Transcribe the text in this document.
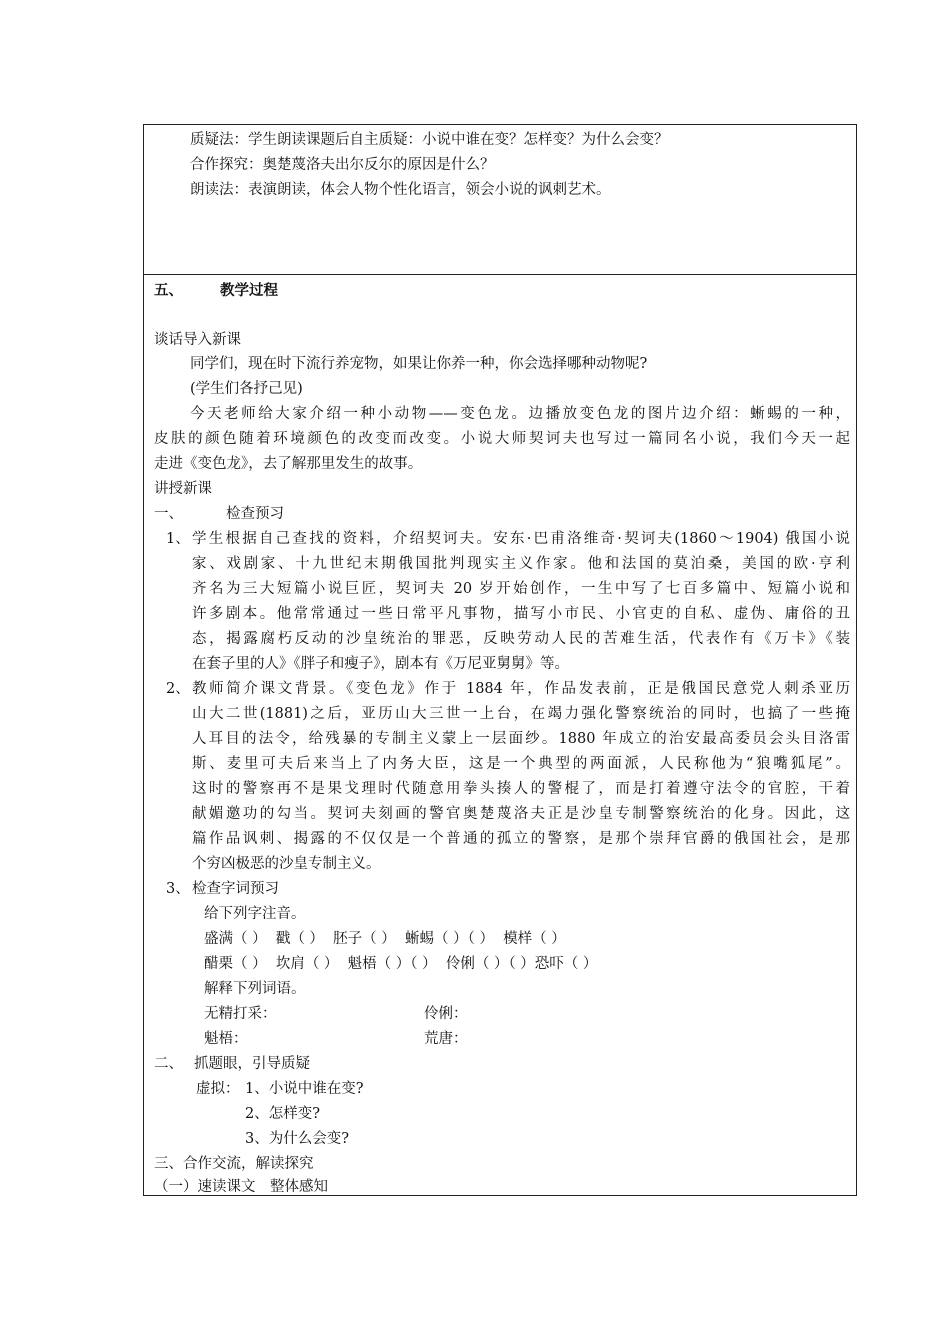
质疑法：学生朗读课题后自主质疑：小说中谁在变？怎样变？为什么会变？
合作探究：奥楚蔑洛夫出尔反尔的原因是什么？
朗读法：表演朗读，体会人物个性化语言，领会小说的讽刺艺术。
五、	教学过程
谈话导入新课
同学们，现在时下流行养宠物，如果让你养一种，你会选择哪种动物呢?
(学生们各抒己见)
今天老师给大家介绍一种小动物——变色龙。边播放变色龙的图片边介绍：蜥蜴的一种，
皮肤的颜色随着环境颜色的改变而改变。小说大师契诃夫也写过一篇同名小说，我们今天一起
走进《变色龙》，去了解那里发生的故事。
讲授新课
一、	检查预习
1、 学生根据自己查找的资料，介绍契诃夫。安东·巴甫洛维奇·契诃夫(1860～1904) 俄国小说
家、戏剧家、十九世纪末期俄国批判现实主义作家。他和法国的莫泊桑，美国的欧·亨利
齐名为三大短篇小说巨匠，契诃夫 20 岁开始创作，一生中写了七百多篇中、短篇小说和
许多剧本。他常常通过一些日常平凡事物，描写小市民、小官吏的自私、虚伪、庸俗的丑
态，揭露腐朽反动的沙皇统治的罪恶，反映劳动人民的苦难生活，代表作有《万卡》《装
在套子里的人》《胖子和瘦子》，剧本有《万尼亚舅舅》等。
2、 教师简介课文背景。《变色龙》作于 1884 年，作品发表前，正是俄国民意党人刺杀亚历
山大二世(1881)之后，亚历山大三世一上台，在竭力强化警察统治的同时，也搞了一些掩
人耳目的法令，给残暴的专制主义蒙上一层面纱。1880 年成立的治安最高委员会头目洛雷
斯、麦里可夫后来当上了内务大臣，这是一个典型的两面派，人民称他为“狼嘴狐尾”。
这时的警察再不是果戈理时代随意用拳头揍人的警棍了，而是打着遵守法令的官腔，干着
献媚邀功的勾当。契诃夫刻画的警官奥楚蔑洛夫正是沙皇专制警察统治的化身。因此，这
篇作品讽刺、揭露的不仅仅是一个普通的孤立的警察，是那个崇拜官爵的俄国社会，是那
个穷凶极恶的沙皇专制主义。
3、 检查字词预习
给下列字注音。
盛满（ ）  戳（ ）  胚子（ ）  蜥蜴（ ）（ ）  模样（ ）
醋栗（ ）  坎肩（ ）  魁梧（ ）（ ）  伶俐（ ）（ ）恐吓（ ）
解释下列词语。
无精打采：	伶俐：
魁梧：	荒唐：
二、 抓题眼，引导质疑
虚拟： 1、小说中谁在变?
2、怎样变?
3、为什么会变?
三、合作交流，解读探究
（一）速读课文　整体感知
